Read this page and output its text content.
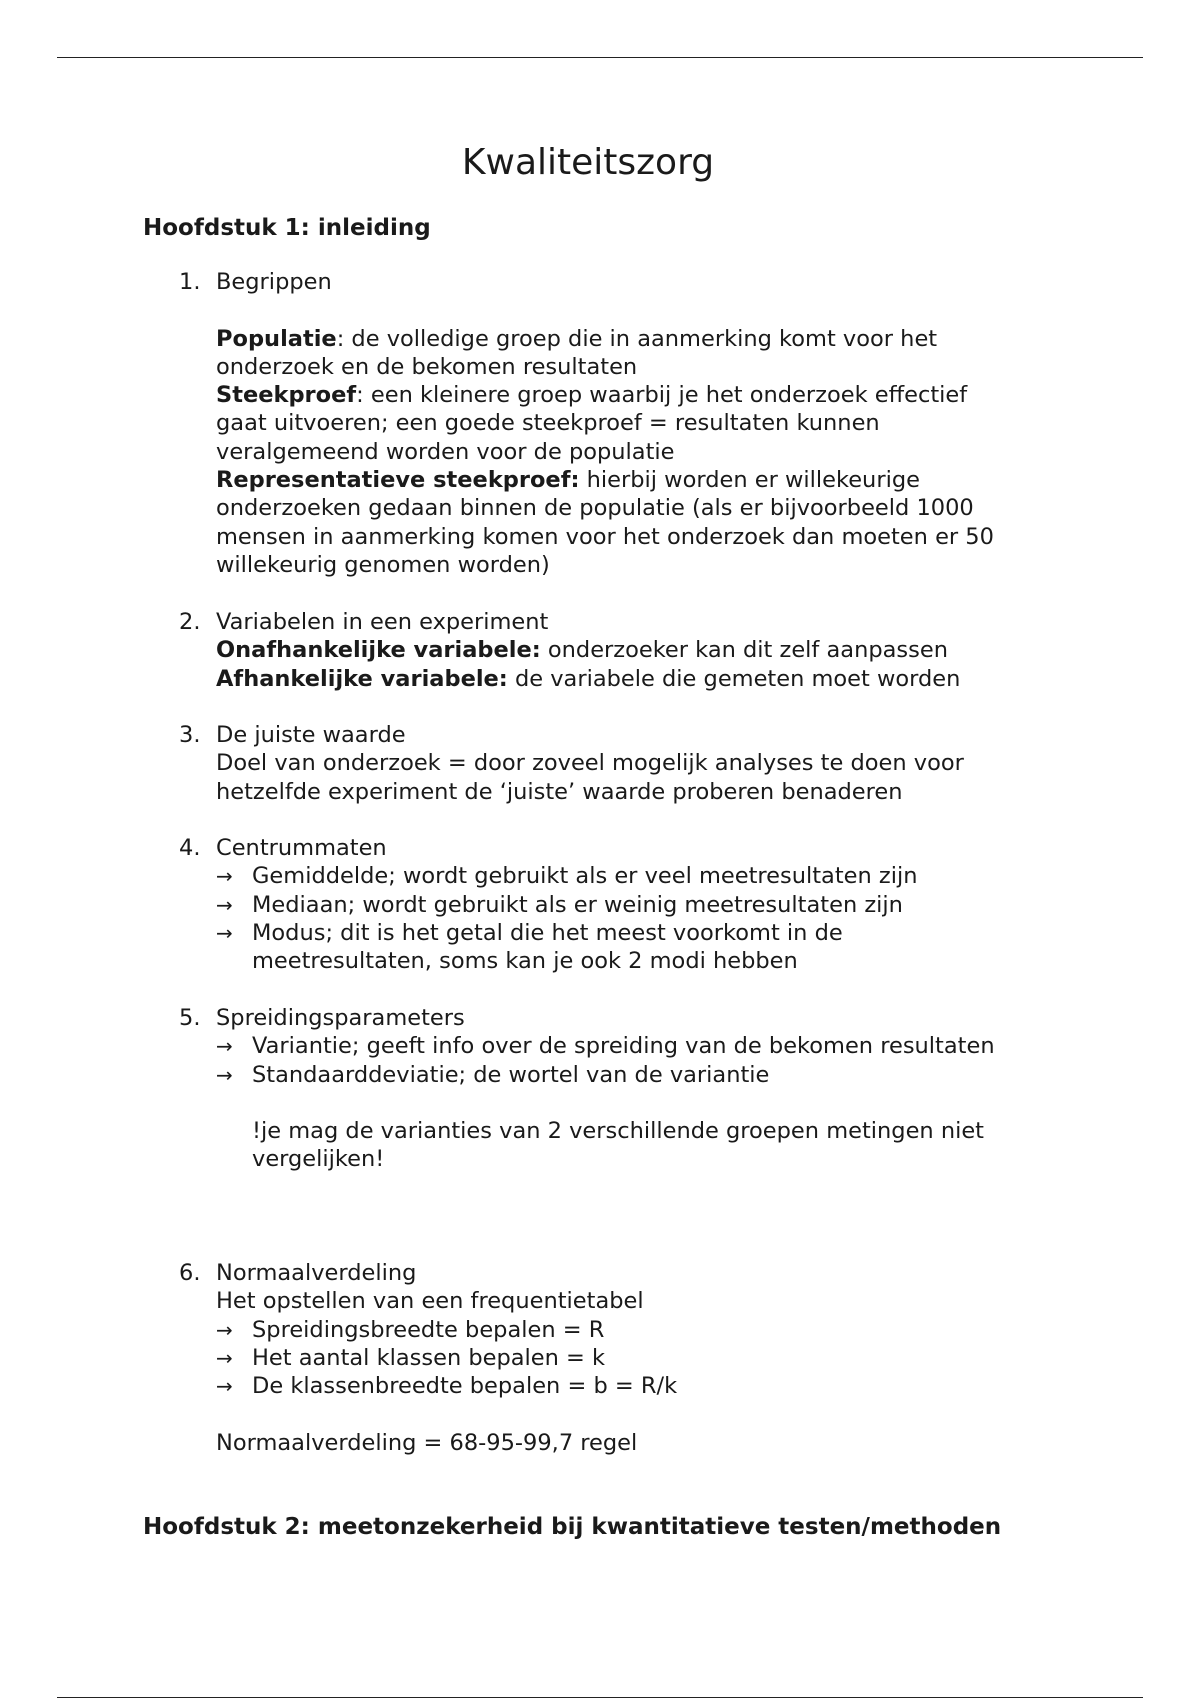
Kwaliteitszorg
Hoofdstuk 1: inleiding
1. Begrippen
Populatie: de volledige groep die in aanmerking komt voor het
onderzoek en de bekomen resultaten
Steekproef: een kleinere groep waarbij je het onderzoek effectief
gaat uitvoeren; een goede steekproef = resultaten kunnen
veralgemeend worden voor de populatie
Representatieve steekproef: hierbij worden er willekeurige
onderzoeken gedaan binnen de populatie (als er bijvoorbeeld 1000
mensen in aanmerking komen voor het onderzoek dan moeten er 50
willekeurig genomen worden)
2. Variabelen in een experiment
Onafhankelijke variabele: onderzoeker kan dit zelf aanpassen
Afhankelijke variabele: de variabele die gemeten moet worden
3. De juiste waarde
Doel van onderzoek = door zoveel mogelijk analyses te doen voor
hetzelfde experiment de ‘juiste’ waarde proberen benaderen
4. Centrummaten
→ Gemiddelde; wordt gebruikt als er veel meetresultaten zijn
→ Mediaan; wordt gebruikt als er weinig meetresultaten zijn
→ Modus; dit is het getal die het meest voorkomt in de
meetresultaten, soms kan je ook 2 modi hebben
5. Spreidingsparameters
→ Variantie; geeft info over de spreiding van de bekomen resultaten
→ Standaarddeviatie; de wortel van de variantie
!je mag de varianties van 2 verschillende groepen metingen niet
vergelijken!
6. Normaalverdeling
Het opstellen van een frequentietabel
→ Spreidingsbreedte bepalen = R
→ Het aantal klassen bepalen = k
→ De klassenbreedte bepalen = b = R/k
Normaalverdeling = 68-95-99,7 regel
Hoofdstuk 2: meetonzekerheid bij kwantitatieve testen/methoden
